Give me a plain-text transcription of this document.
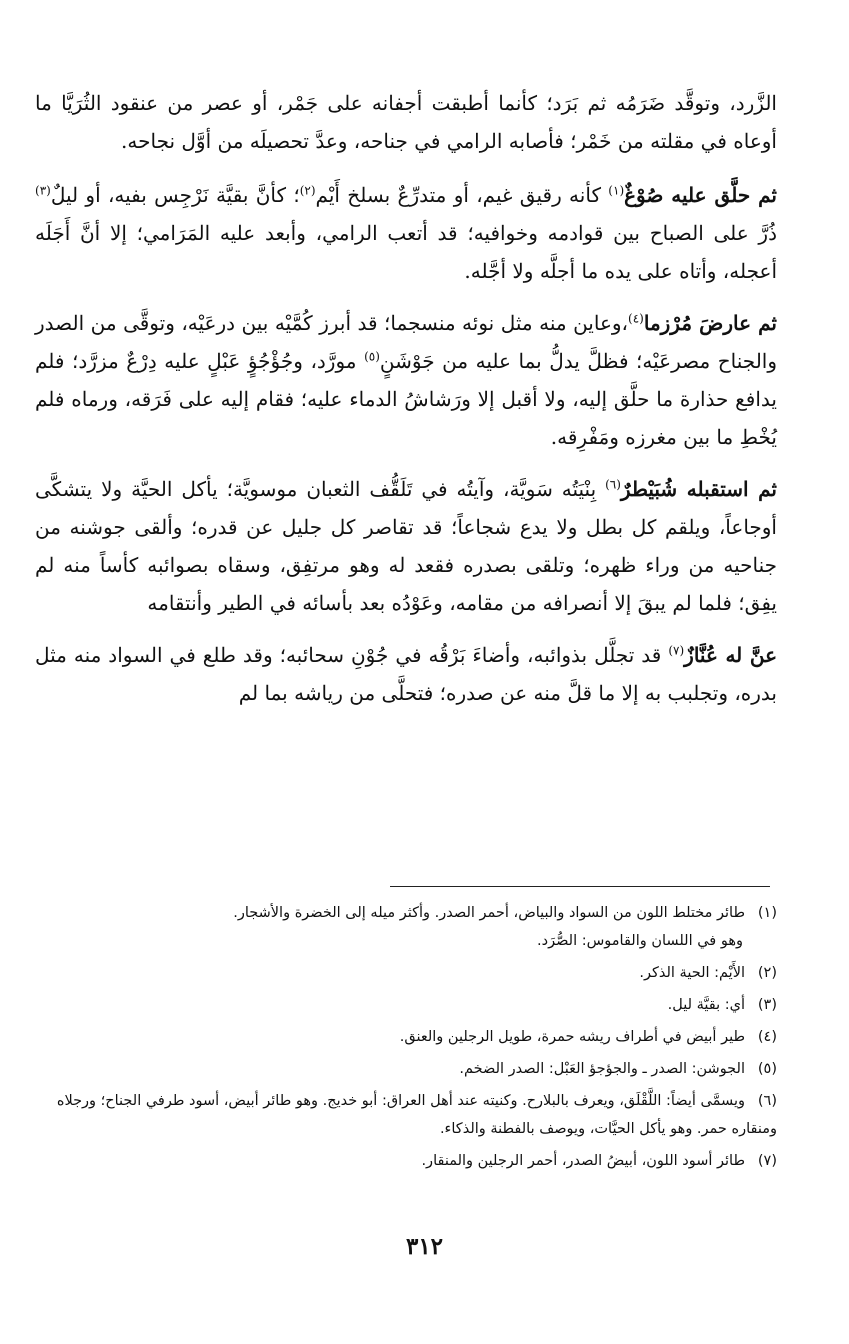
الزَّرد، وتوقَّد ضَرَمُه ثم بَرَد؛ كأنما أطبقت أجفانه على جَمْر، أو عصر من عنقود الثُرَيَّا ما أوعاه في مقلته من خَمْر؛ فأصابه الرامي في جناحه، وعدَّ تحصيلَه من أوَّل نجاحه.

ثم حلَّق عليه صُوْغٌ$^{(١)}$ كأنه رقيق غيم، أو متدرِّعٌ بسلخ أَيْم$^{(٢)}$؛ كأنَّ بقيَّة نَرْجِس بفيه، أو ليلٌ$^{(٣)}$ ذُرَّ على الصباح بين قوادمه وخوافيه؛ قد أتعب الرامي، وأبعد عليه المَرَامي؛ إلا أنَّ أَجَلَه أعجله، وأتاه على يده ما أجلَّه ولا أجَّله.

ثم عارضَ مُرْزما$^{(٤)}$،وعاين منه مثل نوئه منسجما؛ قد أبرز كُمَّيْه بين درعَيْه، وتوقَّى من الصدر والجناح مصرعَيْه؛ فظلَّ يدلُّ بما عليه من جَوْشَنٍ$^{(٥)}$ مورَّد، وجُؤْجُؤٍ عَبْلٍ عليه دِرْعٌ مزرَّد؛ فلم يدافع حذارة ما حلَّق إليه، ولا أقبل إلا ورَشاشُ الدماء عليه؛ فقام إليه على فَرَقه، ورماه فلم يُخْطِ ما بين مغرزه ومَفْرِقه.

ثم استقبله شُبَيْطرٌ$^{(٦)}$ بِنْيَتُه سَويَّة، وآيتُه في تَلَقُّف الثعبان موسويَّة؛ يأكل الحيَّة ولا يتشكَّى أوجاعاً، ويلقم كل بطل ولا يدع شجاعاً؛ قد تقاصر كل جليل عن قدره؛ وألقى جوشنه من جناحيه من وراء ظهره؛ وتلقى بصدره فقعد له وهو مرتفِق، وسقاه بصوائبه كأساً منه لم يفِق؛ فلما لم يبقَ إلا أنصرافه من مقامه، وعَوْدُه بعد بأسائه في الطير وأنتقامه

عنَّ له عُنَّازٌ$^{(٧)}$ قد تجلَّل بذوائبه، وأضاءَ بَرْقُه في جُوْنِ سحائبه؛ وقد طلع في السواد منه مثل بدره، وتجلبب به إلا ما قلَّ منه عن صدره؛ فتحلَّى من رياشه بما لم

(١)طائر مختلط اللون من السواد والبياض، أحمر الصدر. وأكثر ميله إلى الخضرة والأشجار.
وهو في اللسان والقاموس: الصُّرَد.
(٢)الأَيْم: الحية الذكر.
(٣)أي: بقيَّة ليل.
(٤)طير أبيض في أطراف ريشه حمرة، طويل الرجلين والعنق.
(٥)الجوشن: الصدر ـ والجؤجؤ العَبْل: الصدر الضخم.
(٦)ويسمَّى أيضاً: اللَّقْلَق، ويعرف بالبلارح. وكنيته عند أهل العراق: أبو خديج. وهو طائر أبيض، أسود طرفي الجناح؛ ورجلاه ومنقاره حمر. وهو يأكل الحيَّات، ويوصف بالفطنة والذكاء.
(٧)طائر أسود اللون، أبيضُ الصدر، أحمر الرجلين والمنقار.
٣١٢
